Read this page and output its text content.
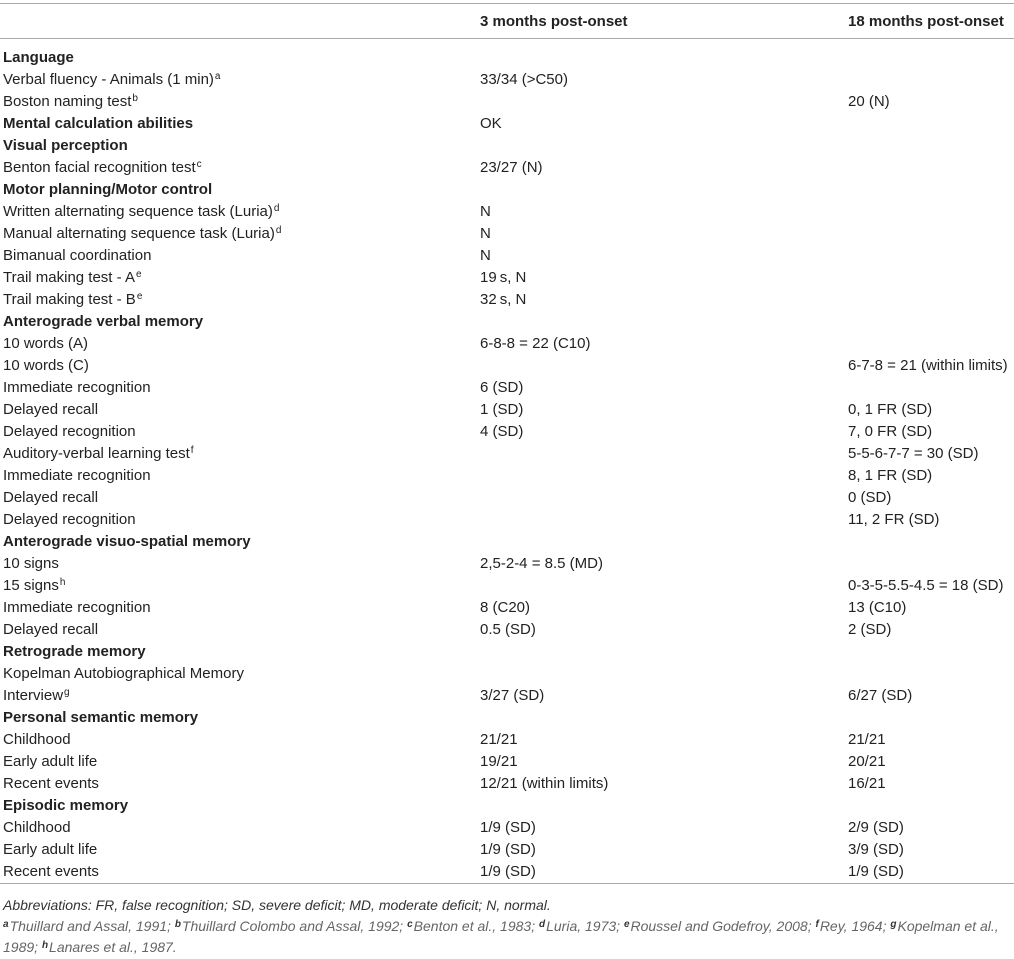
	3 months post-onset	18 months post-onset

Language		
Verbal fluency - Animals (1 min)$^a$	33/34 (>C50)	
Boston naming test$^b$		20 (N)
Mental calculation abilities	OK	
Visual perception		
Benton facial recognition test$^c$	23/27 (N)	
Motor planning/Motor control		
Written alternating sequence task (Luria)$^d$	N	
Manual alternating sequence task (Luria)$^d$	N	
Bimanual coordination	N	
Trail making test - A$^e$	19 s, N	
Trail making test - B$^e$	32 s, N	
Anterograde verbal memory		
10 words (A)	6-8-8 = 22 (C10)	
10 words (C)		6-7-8 = 21 (within limits)
Immediate recognition	6 (SD)	
Delayed recall	1 (SD)	0, 1 FR (SD)
Delayed recognition	4 (SD)	7, 0 FR (SD)
Auditory-verbal learning test$^f$		5-5-6-7-7 = 30 (SD)
Immediate recognition		8, 1 FR (SD)
Delayed recall		0 (SD)
Delayed recognition		11, 2 FR (SD)
Anterograde visuo-spatial memory		
10 signs	2,5-2-4 = 8.5 (MD)	
15 signs$^h$		0-3-5-5.5-4.5 = 18 (SD)
Immediate recognition	8 (C20)	13 (C10)
Delayed recall	0.5 (SD)	2 (SD)
Retrograde memory		
Kopelman Autobiographical Memory		
Interview$^g$	3/27 (SD)	6/27 (SD)
Personal semantic memory		
Childhood	21/21	21/21
Early adult life	19/21	20/21
Recent events	12/21 (within limits)	16/21
Episodic memory		
Childhood	1/9 (SD)	2/9 (SD)
Early adult life	1/9 (SD)	3/9 (SD)
Recent events	1/9 (SD)	1/9 (SD)
Abbreviations: FR, false recognition; SD, severe deficit; MD, moderate deficit; N, normal.
$^a$Thuillard and Assal, 1991; $^b$Thuillard Colombo and Assal, 1992; $^c$Benton et al., 1983; $^d$Luria, 1973; $^e$Roussel and Godefroy, 2008; $^f$Rey, 1964; $^g$Kopelman et al., 1989; $^h$Lanares et al., 1987.
